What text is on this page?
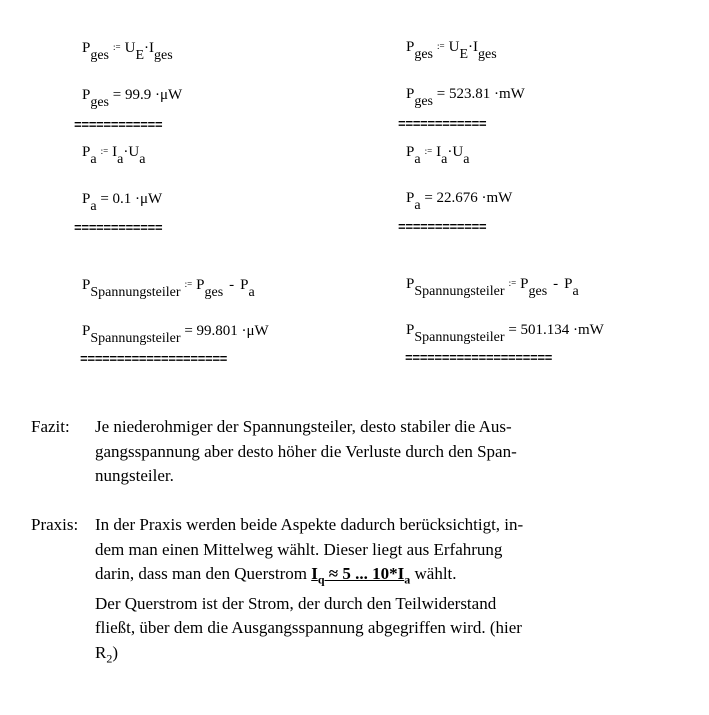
$P_{ges}:= U_E\cdot I_{ges}$
$P_{ges} = 99.9 \cdot\mu W$
============
$P_a:= I_a\cdot U_a$
$P_a = 0.1 \cdot\mu W$
============
$P_{Spannungsteiler}:= P_{ges} - P_a$
$P_{Spannungsteiler} = 99.801 \cdot\mu W$
====================
$P_{ges}:= U_E\cdot I_{ges}$
$P_{ges} = 523.81 \cdot mW$
============
$P_a:= I_a\cdot U_a$
$P_a = 22.676 \cdot mW$
============
$P_{Spannungsteiler}:= P_{ges} - P_a$
$P_{Spannungsteiler} = 501.134 \cdot mW$
====================
Fazit:	Je niederohmiger der Spannungsteiler, desto stabiler die Aus-
gangsspannung aber desto höher die Verluste durch den Span-
nungsteiler.
Praxis: In der Praxis werden beide Aspekte dadurch berücksichtigt, in-
dem man einen Mittelweg wählt. Dieser liegt aus Erfahrung
darin, dass man den Querstrom $I_q \approx 5$ ... $10*I_a$ wählt.
Der Querstrom ist der Strom, der durch den Teilwiderstand
fließt, über dem die Ausgangsspannung abgegriffen wird. (hier
$R_2$)
